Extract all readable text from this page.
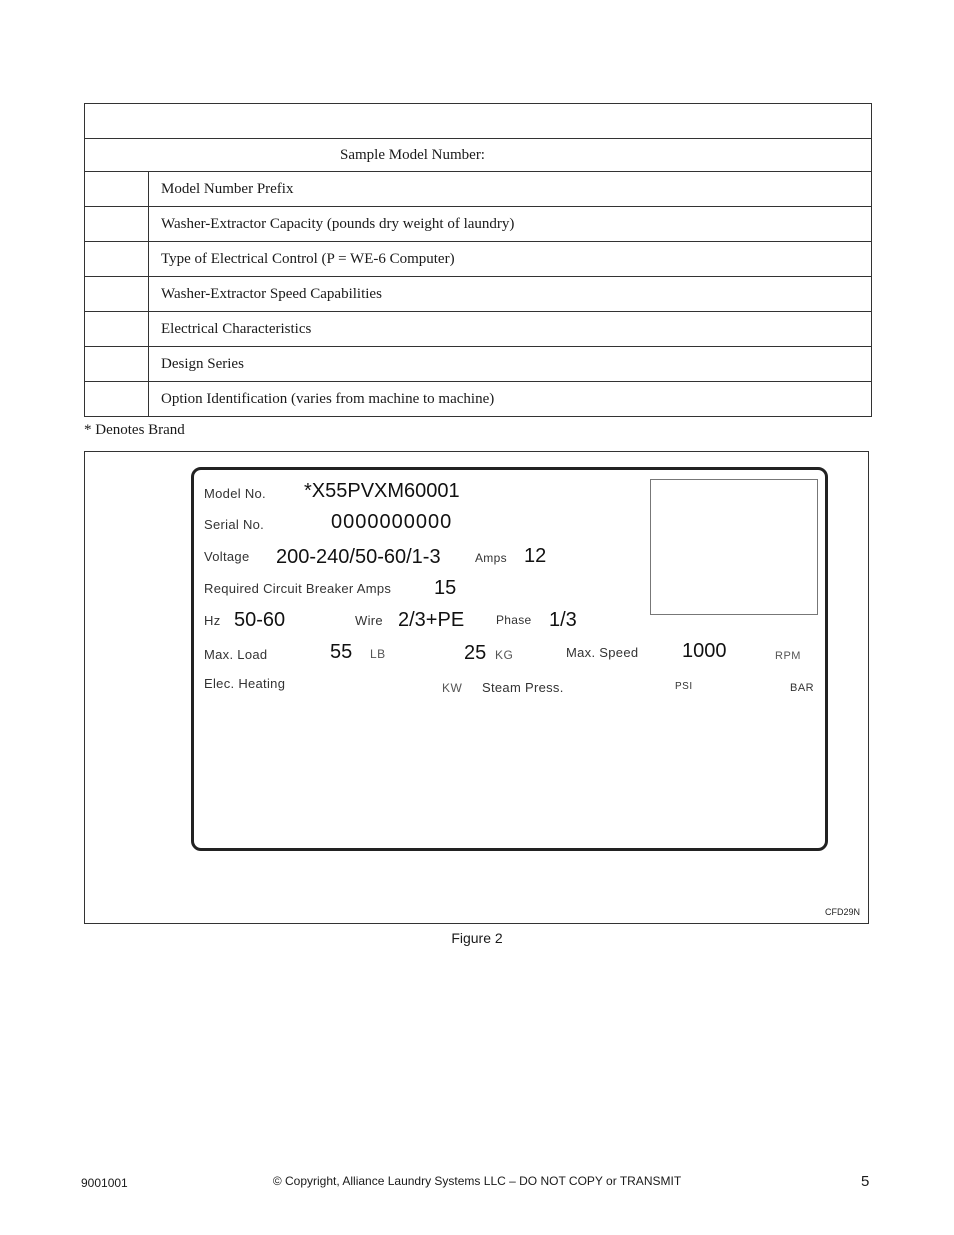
Sample Model Number:	
	Model Number Prefix
	Washer-Extractor Capacity (pounds dry weight of laundry)
	Type of Electrical Control (P = WE-6 Computer)
	Washer-Extractor Speed Capabilities
	Electrical Characteristics
	Design Series
	Option Identification (varies from machine to machine)
* Denotes Brand
Model No. *X55PVXM60001
Serial No.	0000000000
Voltage 200-240/50-60/1-3	Amps 12
Required Circuit Breaker Amps 15
Hz 50-60	Wire 2/3+PE	Phase 1/3
Max. Load	55 LB	25 KG	Max. Speed 1000	RPM
Elec. Heating	KW Steam Press.	PSI	BAR
CFD29N
Figure 2
9001001	© Copyright, Alliance Laundry Systems LLC – DO NOT COPY or TRANSMIT	5
